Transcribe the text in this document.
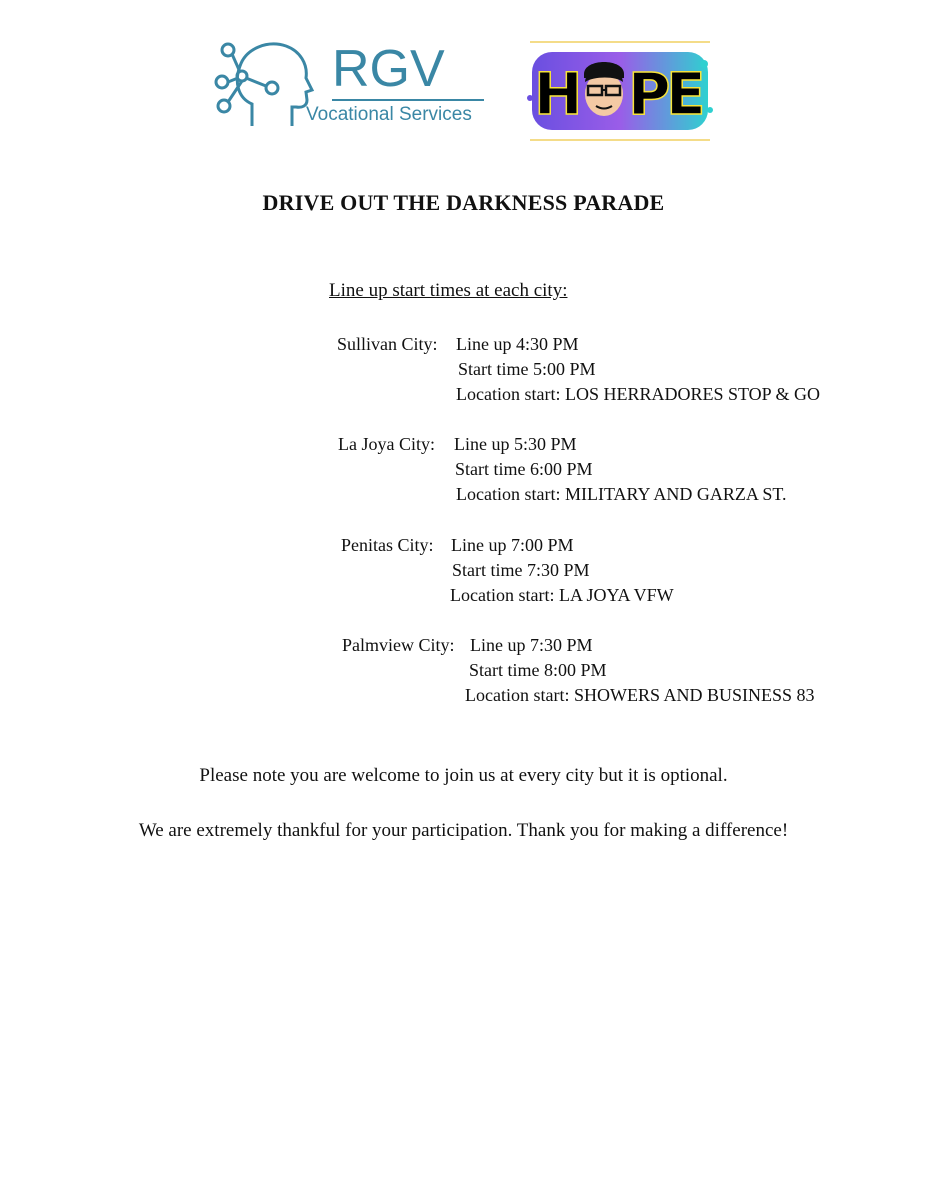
RGV
Vocational Services H P
E
DRIVE OUT THE DARKNESS PARADE
Line up start times at each city:
Sullivan City: Line up 4:30 PM
Start time 5:00 PM
Location start: LOS HERRADORES STOP & GO
La Joya City: Line up 5:30 PM
Start time 6:00 PM
Location start: MILITARY AND GARZA ST.
Penitas City: Line up 7:00 PM
Start time 7:30 PM
Location start: LA JOYA VFW
Palmview City: Line up 7:30 PM
Start time 8:00 PM
Location start: SHOWERS AND BUSINESS 83
Please note you are welcome to join us at every city but it is optional.
We are extremely thankful for your participation. Thank you for making a difference!
